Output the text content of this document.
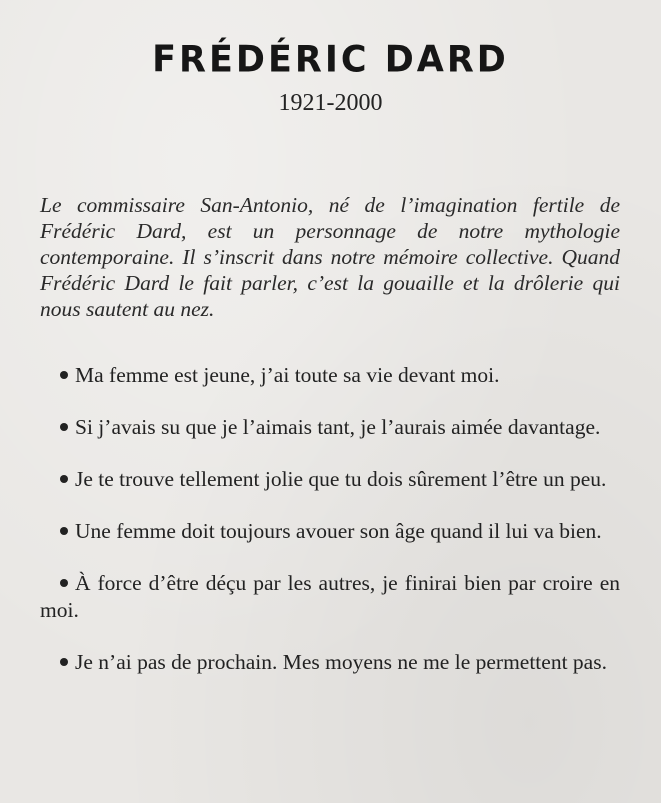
FRÉDÉRIC DARD
1921-2000
Le commissaire San-Antonio, né de l’imagination fertile de Frédéric Dard, est un personnage de notre mythologie contemporaine. Il s’inscrit dans notre mémoire collective. Quand Frédéric Dard le fait parler, c’est la gouaille et la drôlerie qui nous sautent au nez.
Ma femme est jeune, j’ai toute sa vie devant moi.
Si j’avais su que je l’aimais tant, je l’aurais aimée davantage.
Je te trouve tellement jolie que tu dois sûrement l’être un peu.
Une femme doit toujours avouer son âge quand il lui va bien.
À force d’être déçu par les autres, je finirai bien par croire en moi.
Je n’ai pas de prochain. Mes moyens ne me le permettent pas.
